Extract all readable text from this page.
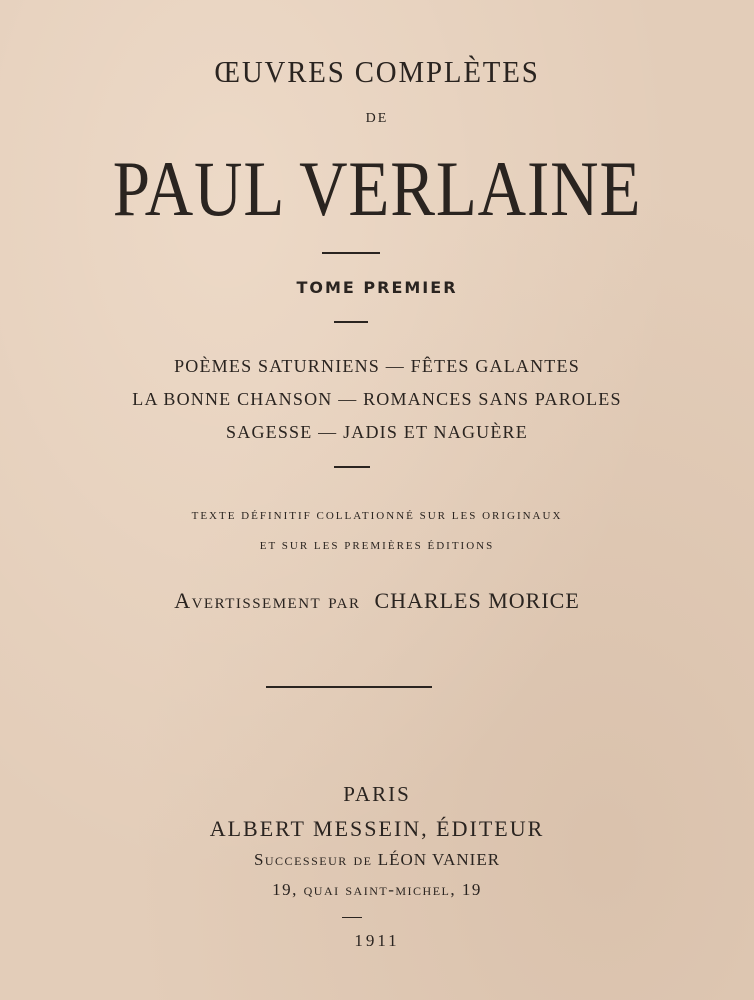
ŒUVRES COMPLÈTES
DE
PAUL VERLAINE
TOME PREMIER
POÈMES SATURNIENS — FÊTES GALANTES
LA BONNE CHANSON — ROMANCES SANS PAROLES
SAGESSE — JADIS ET NAGUÈRE
TEXTE DÉFINITIF COLLATIONNÉ SUR LES ORIGINAUX
ET SUR LES PREMIÈRES ÉDITIONS
Avertissement par CHARLES MORICE
PARIS
ALBERT MESSEIN, ÉDITEUR
Successeur de LÉON VANIER
19, quai saint-michel, 19
1911
